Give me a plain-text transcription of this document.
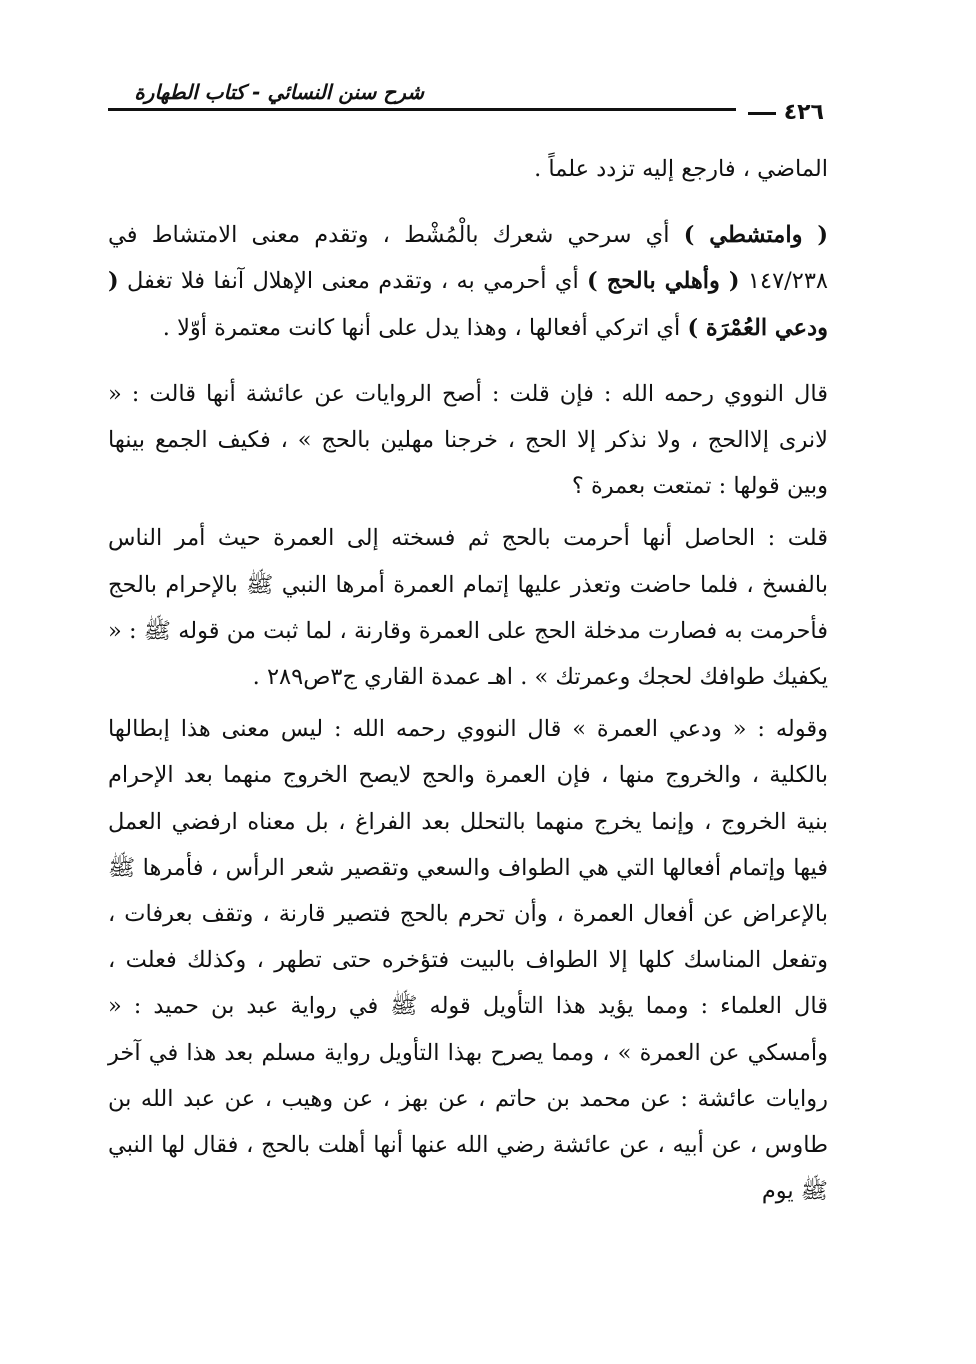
شرح سنن النسائي - كتاب الطهارة
٤٢٦

الماضي ، فارجع إليه تزدد علماً .

( وامتشطي ) أي سرحي شعرك بالْمُشْط ، وتقدم معنى الامتشاط في ١٤٧/٢٣٨ ( وأهلي بالحج ) أي أحرمي به ، وتقدم معنى الإهلال آنفا فلا تغفل ( ودعي العُمْرَة ) أي اتركي أفعالها ، وهذا يدل على أنها كانت معتمرة أوّلا .

قال النووي رحمه الله : فإن قلت : أصح الروايات عن عائشة أنها قالت : « لانرى إلاالحج ، ولا نذكر إلا الحج ، خرجنا مهلين بالحج » ، فكيف الجمع بينها وبين قولها : تمتعت بعمرة ؟

قلت : الحاصل أنها أحرمت بالحج ثم فسخته إلى العمرة حيث أمر الناس بالفسخ ، فلما حاضت وتعذر عليها إتمام العمرة أمرها النبي ﷺ بالإحرام بالحج فأحرمت به فصارت مدخلة الحج على العمرة وقارنة ، لما ثبت من قوله ﷺ : « يكفيك طوافك لحجك وعمرتك » . اهـ عمدة القاري ج٣ص٢٨٩ .

وقوله : « ودعي العمرة » قال النووي رحمه الله : ليس معنى هذا إبطالها بالكلية ، والخروج منها ، فإن العمرة والحج لايصح الخروج منهما بعد الإحرام بنية الخروج ، وإنما يخرج منهما بالتحلل بعد الفراغ ، بل معناه ارفضي العمل فيها وإتمام أفعالها التي هي الطواف والسعي وتقصير شعر الرأس ، فأمرها ﷺ بالإعراض عن أفعال العمرة ، وأن تحرم بالحج فتصير قارنة ، وتقف بعرفات ، وتفعل المناسك كلها إلا الطواف بالبيت فتؤخره حتى تطهر ، وكذلك فعلت ، قال العلماء : ومما يؤيد هذا التأويل قوله ﷺ في رواية عبد بن حميد : « وأمسكي عن العمرة » ، ومما يصرح بهذا التأويل رواية مسلم بعد هذا في آخر روايات عائشة : عن محمد بن حاتم ، عن بهز ، عن وهيب ، عن عبد الله بن طاوس ، عن أبيه ، عن عائشة رضي الله عنها أنها أهلت بالحج ، فقال لها النبي ﷺ يوم
